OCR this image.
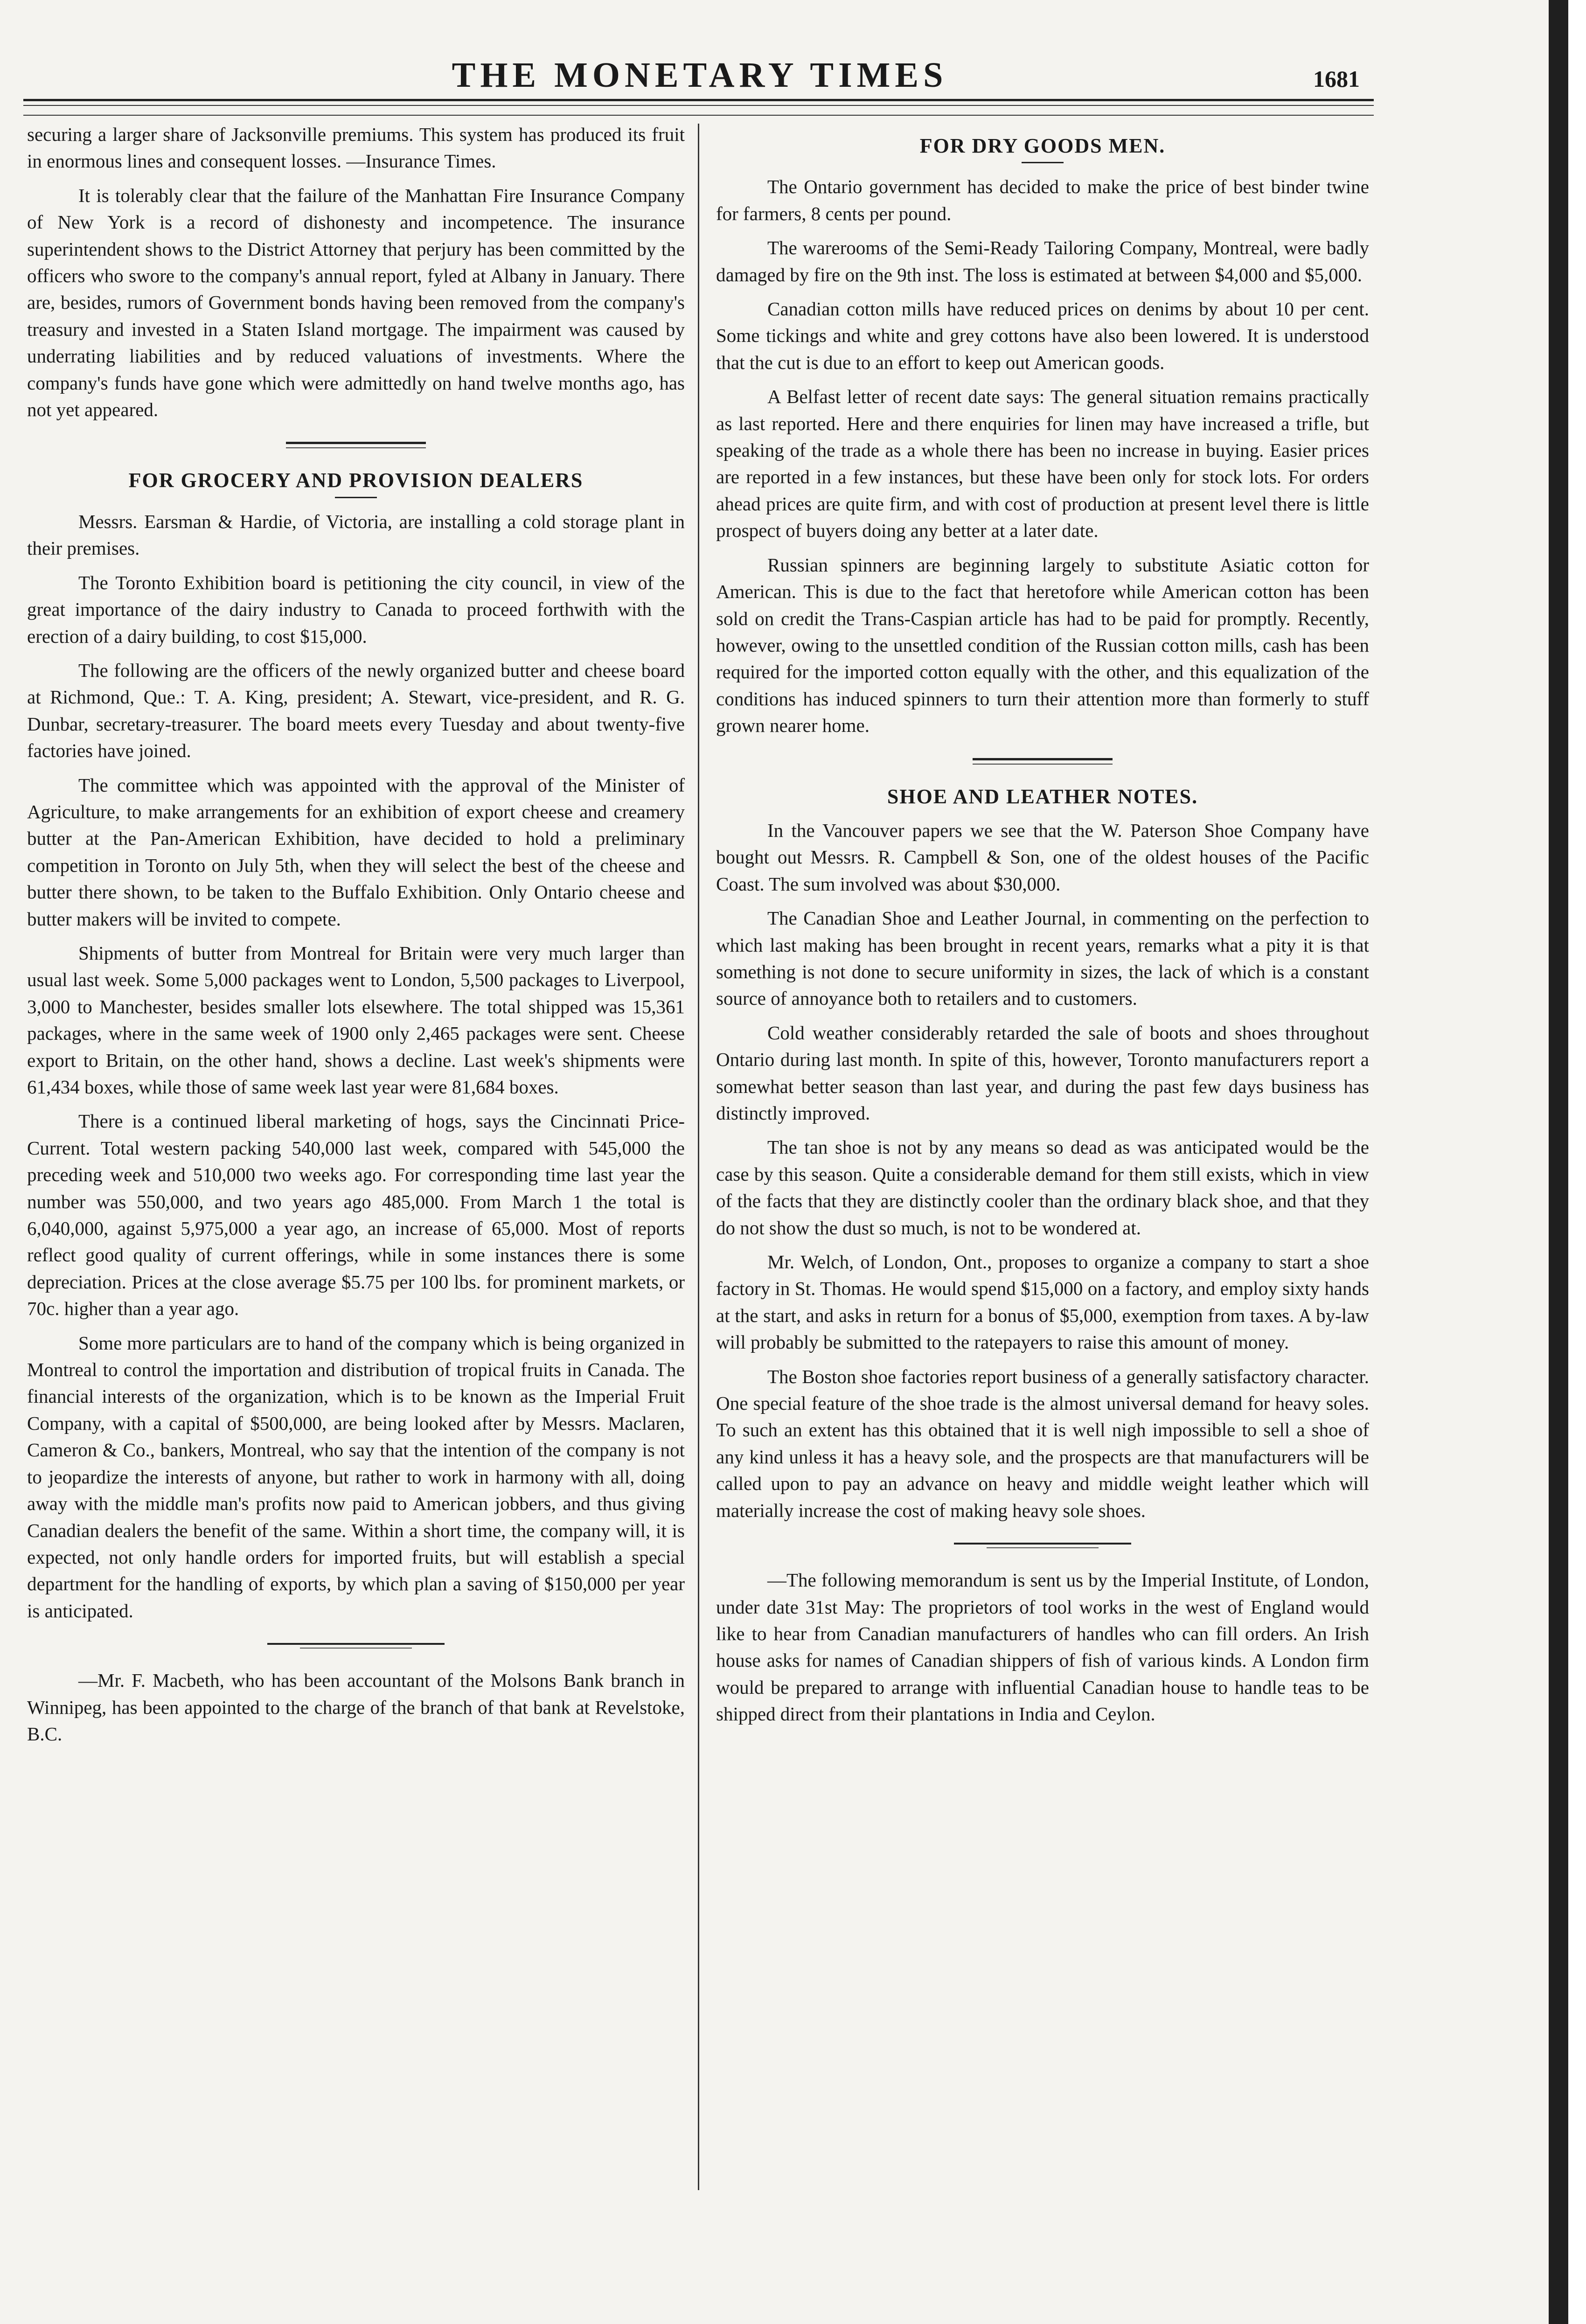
THE MONETARY TIMES	1681

securing a larger share of Jacksonville premiums. This system has produced its fruit in enormous lines and consequent losses. —Insurance Times.

It is tolerably clear that the failure of the Manhattan Fire Insurance Company of New York is a record of dishonesty and incompetence. The insurance superintendent shows to the District Attorney that perjury has been committed by the officers who swore to the company's annual report, fyled at Albany in January. There are, besides, rumors of Government bonds having been removed from the company's treasury and invested in a Staten Island mortgage. The impairment was caused by underrating liabilities and by reduced valuations of investments. Where the company's funds have gone which were admittedly on hand twelve months ago, has not yet appeared.

FOR GROCERY AND PROVISION DEALERS

Messrs. Earsman & Hardie, of Victoria, are installing a cold storage plant in their premises.

The Toronto Exhibition board is petitioning the city council, in view of the great importance of the dairy industry to Canada to proceed forthwith with the erection of a dairy building, to cost $15,000.

The following are the officers of the newly organized butter and cheese board at Richmond, Que.: T. A. King, president; A. Stewart, vice-president, and R. G. Dunbar, secretary-treasurer. The board meets every Tuesday and about twenty-five factories have joined.

The committee which was appointed with the approval of the Minister of Agriculture, to make arrangements for an exhibition of export cheese and creamery butter at the Pan-American Exhibition, have decided to hold a preliminary competition in Toronto on July 5th, when they will select the best of the cheese and butter there shown, to be taken to the Buffalo Exhibition. Only Ontario cheese and butter makers will be invited to compete.

Shipments of butter from Montreal for Britain were very much larger than usual last week. Some 5,000 packages went to London, 5,500 packages to Liverpool, 3,000 to Manchester, besides smaller lots elsewhere. The total shipped was 15,361 packages, where in the same week of 1900 only 2,465 packages were sent. Cheese export to Britain, on the other hand, shows a decline. Last week's shipments were 61,434 boxes, while those of same week last year were 81,684 boxes.

There is a continued liberal marketing of hogs, says the Cincinnati Price-Current. Total western packing 540,000 last week, compared with 545,000 the preceding week and 510,000 two weeks ago. For corresponding time last year the number was 550,000, and two years ago 485,000. From March 1 the total is 6,040,000, against 5,975,000 a year ago, an increase of 65,000. Most of reports reflect good quality of current offerings, while in some instances there is some depreciation. Prices at the close average $5.75 per 100 lbs. for prominent markets, or 70c. higher than a year ago.

Some more particulars are to hand of the company which is being organized in Montreal to control the importation and distribution of tropical fruits in Canada. The financial interests of the organization, which is to be known as the Imperial Fruit Company, with a capital of $500,000, are being looked after by Messrs. Maclaren, Cameron & Co., bankers, Montreal, who say that the intention of the company is not to jeopardize the interests of anyone, but rather to work in harmony with all, doing away with the middle man's profits now paid to American jobbers, and thus giving Canadian dealers the benefit of the same. Within a short time, the company will, it is expected, not only handle orders for imported fruits, but will establish a special department for the handling of exports, by which plan a saving of $150,000 per year is anticipated.

—Mr. F. Macbeth, who has been accountant of the Molsons Bank branch in Winnipeg, has been appointed to the charge of the branch of that bank at Revelstoke, B.C.

FOR DRY GOODS MEN.

The Ontario government has decided to make the price of best binder twine for farmers, 8 cents per pound.

The warerooms of the Semi-Ready Tailoring Company, Montreal, were badly damaged by fire on the 9th inst. The loss is estimated at between $4,000 and $5,000.

Canadian cotton mills have reduced prices on denims by about 10 per cent. Some tickings and white and grey cottons have also been lowered. It is understood that the cut is due to an effort to keep out American goods.

A Belfast letter of recent date says: The general situation remains practically as last reported. Here and there enquiries for linen may have increased a trifle, but speaking of the trade as a whole there has been no increase in buying. Easier prices are reported in a few instances, but these have been only for stock lots. For orders ahead prices are quite firm, and with cost of production at present level there is little prospect of buyers doing any better at a later date.

Russian spinners are beginning largely to substitute Asiatic cotton for American. This is due to the fact that heretofore while American cotton has been sold on credit the Trans-Caspian article has had to be paid for promptly. Recently, however, owing to the unsettled condition of the Russian cotton mills, cash has been required for the imported cotton equally with the other, and this equalization of the conditions has induced spinners to turn their attention more than formerly to stuff grown nearer home.

SHOE AND LEATHER NOTES.

In the Vancouver papers we see that the W. Paterson Shoe Company have bought out Messrs. R. Campbell & Son, one of the oldest houses of the Pacific Coast. The sum involved was about $30,000.

The Canadian Shoe and Leather Journal, in commenting on the perfection to which last making has been brought in recent years, remarks what a pity it is that something is not done to secure uniformity in sizes, the lack of which is a constant source of annoyance both to retailers and to customers.

Cold weather considerably retarded the sale of boots and shoes throughout Ontario during last month. In spite of this, however, Toronto manufacturers report a somewhat better season than last year, and during the past few days business has distinctly improved.

The tan shoe is not by any means so dead as was anticipated would be the case by this season. Quite a considerable demand for them still exists, which in view of the facts that they are distinctly cooler than the ordinary black shoe, and that they do not show the dust so much, is not to be wondered at.

Mr. Welch, of London, Ont., proposes to organize a company to start a shoe factory in St. Thomas. He would spend $15,000 on a factory, and employ sixty hands at the start, and asks in return for a bonus of $5,000, exemption from taxes. A by-law will probably be submitted to the ratepayers to raise this amount of money.

The Boston shoe factories report business of a generally satisfactory character. One special feature of the shoe trade is the almost universal demand for heavy soles. To such an extent has this obtained that it is well nigh impossible to sell a shoe of any kind unless it has a heavy sole, and the prospects are that manufacturers will be called upon to pay an advance on heavy and middle weight leather which will materially increase the cost of making heavy sole shoes.

—The following memorandum is sent us by the Imperial Institute, of London, under date 31st May: The proprietors of tool works in the west of England would like to hear from Canadian manufacturers of handles who can fill orders. An Irish house asks for names of Canadian shippers of fish of various kinds. A London firm would be prepared to arrange with influential Canadian house to handle teas to be shipped direct from their plantations in India and Ceylon.
